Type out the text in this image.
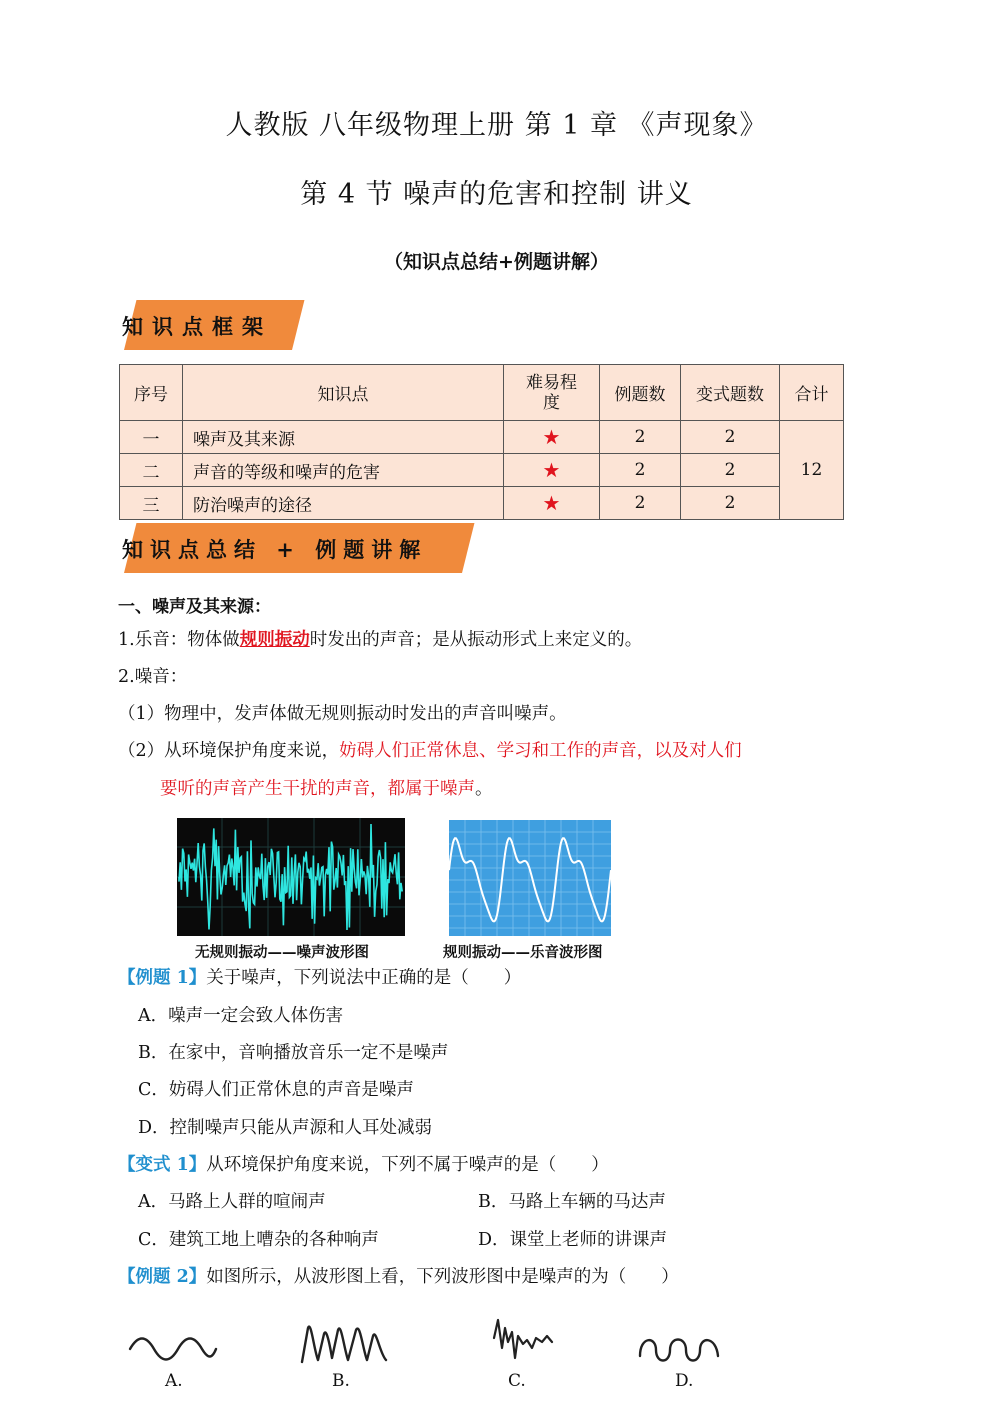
人教版 八年级物理上册 第 1 章 《声现象》
第 4 节 噪声的危害和控制 讲义
（知识点总结+例题讲解）
知识点框架
序号	知识点	难易程度	例题数	变式题数	合计
一	噪声及其来源	★	2	2	12
二	声音的等级和噪声的危害	★	2	2	
三	防治噪声的途径	★	2	2	
知识点总结 + 例题讲解
一、噪声及其来源：
1.乐音：物体做规则振动时发出的声音；是从振动形式上来定义的。
2.噪音：
（1）物理中，发声体做无规则振动时发出的声音叫噪声。
（2）从环境保护角度来说，妨碍人们正常休息、学习和工作的声音，以及对人们
要听的声音产生干扰的声音，都属于噪声。
无规则振动——噪声波形图	规则振动——乐音波形图
【例题 1】关于噪声，下列说法中正确的是（　　）
A．噪声一定会致人体伤害
B．在家中，音响播放音乐一定不是噪声
C．妨碍人们正常休息的声音是噪声
D．控制噪声只能从声源和人耳处减弱
【变式 1】从环境保护角度来说，下列不属于噪声的是（　　）
A．马路上人群的喧闹声	B．马路上车辆的马达声
C．建筑工地上嘈杂的各种响声	D．课堂上老师的讲课声
【例题 2】如图所示，从波形图上看，下列波形图中是噪声的为（　　）
A.	B.	C.	D.
